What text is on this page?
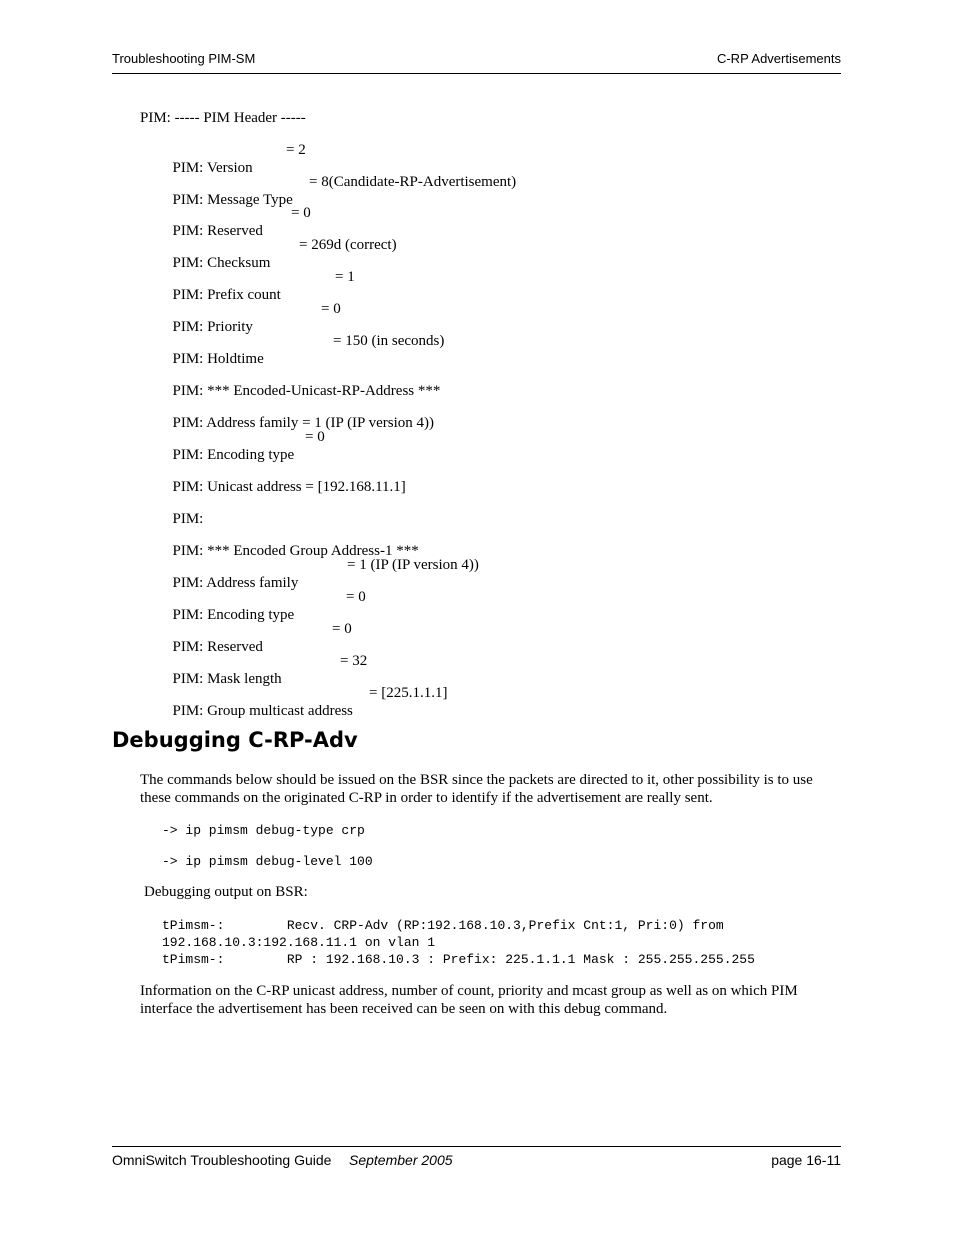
Troubleshooting PIM-SM	C-RP Advertisements
PIM: ----- PIM Header -----

PIM: Version

= 2

PIM: Message Type

= 8(Candidate-RP-Advertisement)

PIM: Reserved

= 0

PIM: Checksum

= 269d (correct)

PIM: Prefix count

= 1

PIM: Priority

= 0

PIM: Holdtime

= 150 (in seconds)

PIM: *** Encoded-Unicast-RP-Address ***

PIM: Address family = 1 (IP (IP version 4))

PIM: Encoding type

= 0

PIM: Unicast address = [192.168.11.1]

PIM:

PIM: *** Encoded Group Address-1 ***

PIM: Address family

= 1 (IP (IP version 4))

PIM: Encoding type

= 0

PIM: Reserved

= 0

PIM: Mask length

= 32

PIM: Group multicast address

= [225.1.1.1]

Debugging C-RP-Adv

The commands below should be issued on the BSR since the packets are directed to it, other possibility is to use these commands on the originated C-RP in order to identify if the advertisement are really sent.

-> ip pimsm debug-type crp
-> ip pimsm debug-level 100

Debugging output on BSR:

tPimsm-:        Recv. CRP-Adv (RP:192.168.10.3,Prefix Cnt:1, Pri:0) from
192.168.10.3:192.168.11.1 on vlan 1
tPimsm-:        RP : 192.168.10.3 : Prefix: 225.1.1.1 Mask : 255.255.255.255

Information on the C-RP unicast address, number of count, priority and mcast group as well as on which PIM interface the advertisement has been received can be seen on with this debug command.

OmniSwitch Troubleshooting Guide September 2005	page 16-11
